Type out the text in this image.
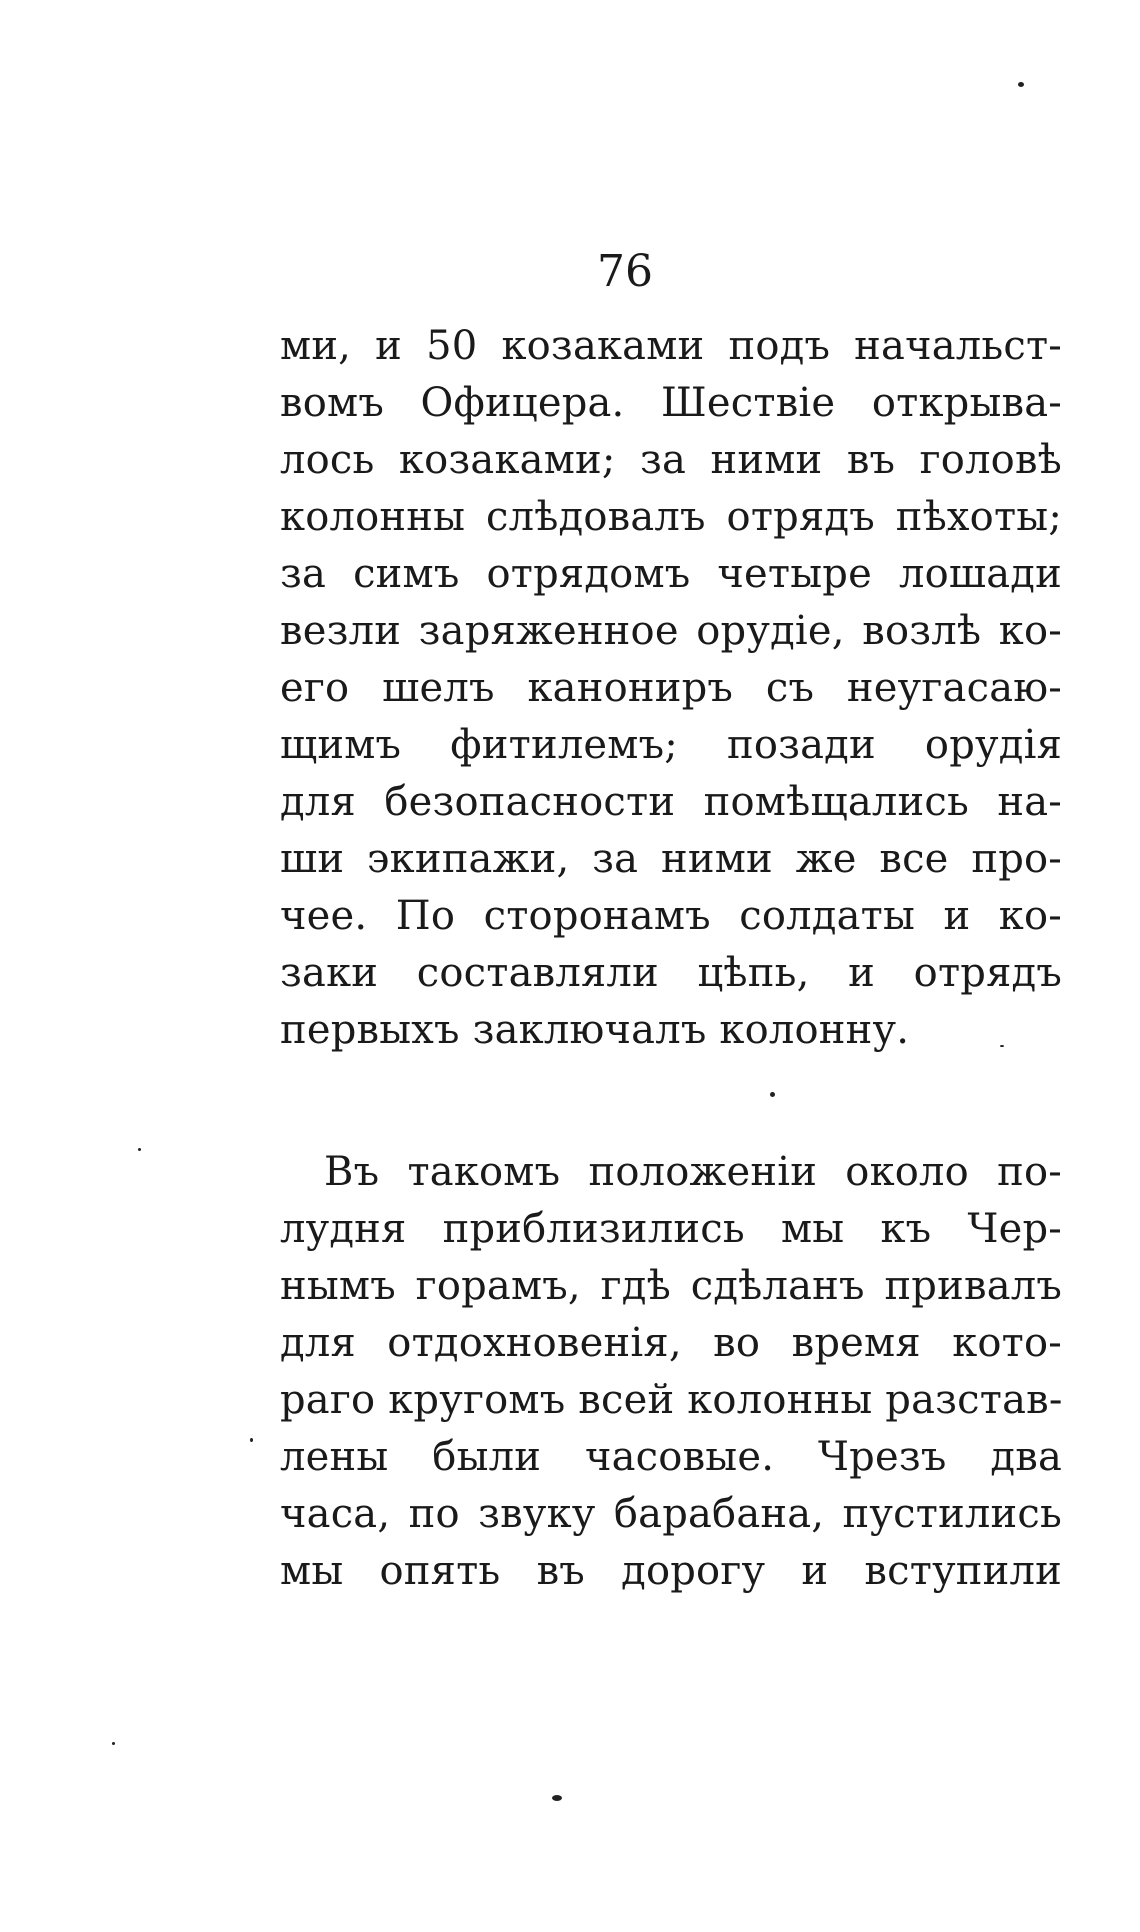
76
ми, и 50 козаками подъ начальст-
вомъ Офицера. Шествіе открыва-
лось козаками; за ними въ головѣ
колонны слѣдовалъ отрядъ пѣхоты;
за симъ отрядомъ четыре лошади
везли заряженное орудіе, возлѣ ко-
его шелъ канониръ съ неугасаю-
щимъ фитилемъ; позади орудія
для безопасности помѣщались на-
ши экипажи, за ними же все про-
чее. По сторонамъ солдаты и ко-
заки составляли цѣпь, и отрядъ
первыхъ заключалъ колонну.
Въ такомъ положеніи около по-
лудня приблизились мы къ Чер-
нымъ горамъ, гдѣ сдѣланъ привалъ
для отдохновенія, во время кото-
раго кругомъ всей колонны разстав-
лены были часовые. Чрезъ два
часа, по звуку барабана, пустились
мы опять въ дорогу и вступили
